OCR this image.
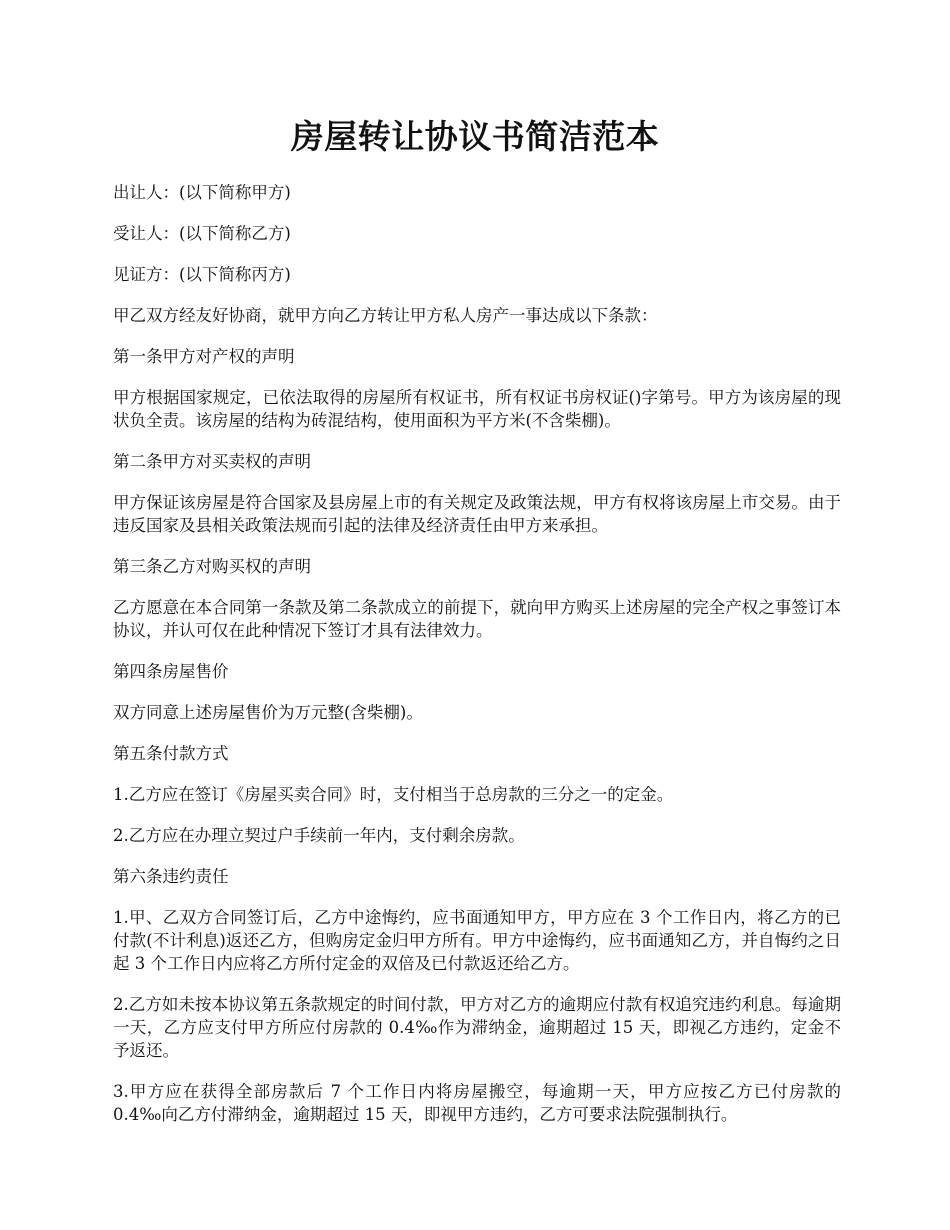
房屋转让协议书简洁范本

出让人：(以下简称甲方)

受让人：(以下简称乙方)

见证方：(以下简称丙方)

甲乙双方经友好协商，就甲方向乙方转让甲方私人房产一事达成以下条款：

第一条甲方对产权的声明

甲方根据国家规定，已依法取得的房屋所有权证书，所有权证书房权证()字第号。甲方为该房屋的现状负全责。该房屋的结构为砖混结构，使用面积为平方米(不含柴棚)。

第二条甲方对买卖权的声明

甲方保证该房屋是符合国家及县房屋上市的有关规定及政策法规，甲方有权将该房屋上市交易。由于违反国家及县相关政策法规而引起的法律及经济责任由甲方来承担。

第三条乙方对购买权的声明

乙方愿意在本合同第一条款及第二条款成立的前提下，就向甲方购买上述房屋的完全产权之事签订本协议，并认可仅在此种情况下签订才具有法律效力。

第四条房屋售价

双方同意上述房屋售价为万元整(含柴棚)。

第五条付款方式

1.乙方应在签订《房屋买卖合同》时，支付相当于总房款的三分之一的定金。

2.乙方应在办理立契过户手续前一年内，支付剩余房款。

第六条违约责任

1.甲、乙双方合同签订后，乙方中途悔约，应书面通知甲方，甲方应在 3 个工作日内，将乙方的已付款(不计利息)返还乙方，但购房定金归甲方所有。甲方中途悔约，应书面通知乙方，并自悔约之日起 3 个工作日内应将乙方所付定金的双倍及已付款返还给乙方。

2.乙方如未按本协议第五条款规定的时间付款，甲方对乙方的逾期应付款有权追究违约利息。每逾期一天，乙方应支付甲方所应付房款的 0.4‰作为滞纳金，逾期超过 15 天，即视乙方违约，定金不予返还。

3.甲方应在获得全部房款后 7 个工作日内将房屋搬空，每逾期一天，甲方应按乙方已付房款的 0.4‰向乙方付滞纳金，逾期超过 15 天，即视甲方违约，乙方可要求法院强制执行。
